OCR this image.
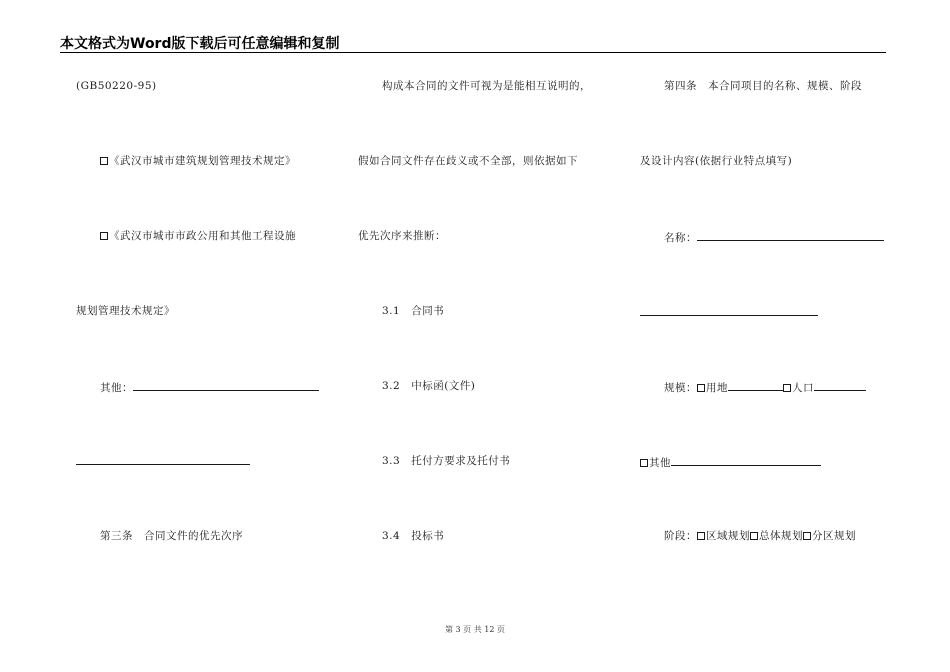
本文格式为Word版下载后可任意编辑和复制
(GB50220-95)
《武汉市城市建筑规划管理技术规定》
《武汉市城市市政公用和其他工程设施
规划管理技术规定》
其他：
第三条　合同文件的优先次序
构成本合同的文件可视为是能相互说明的，
假如合同文件存在歧义或不全部，则依据如下
优先次序来推断：
3.1  合同书
3.2  中标函(文件)
3.3  托付方要求及托付书
3.4  投标书
第四条　本合同项目的名称、规模、阶段
及设计内容(依据行业特点填写)
名称：
规模： 用地	人口
其他
阶段： 区域规划 总体规划 分区规划
第 3 页 共 12 页
